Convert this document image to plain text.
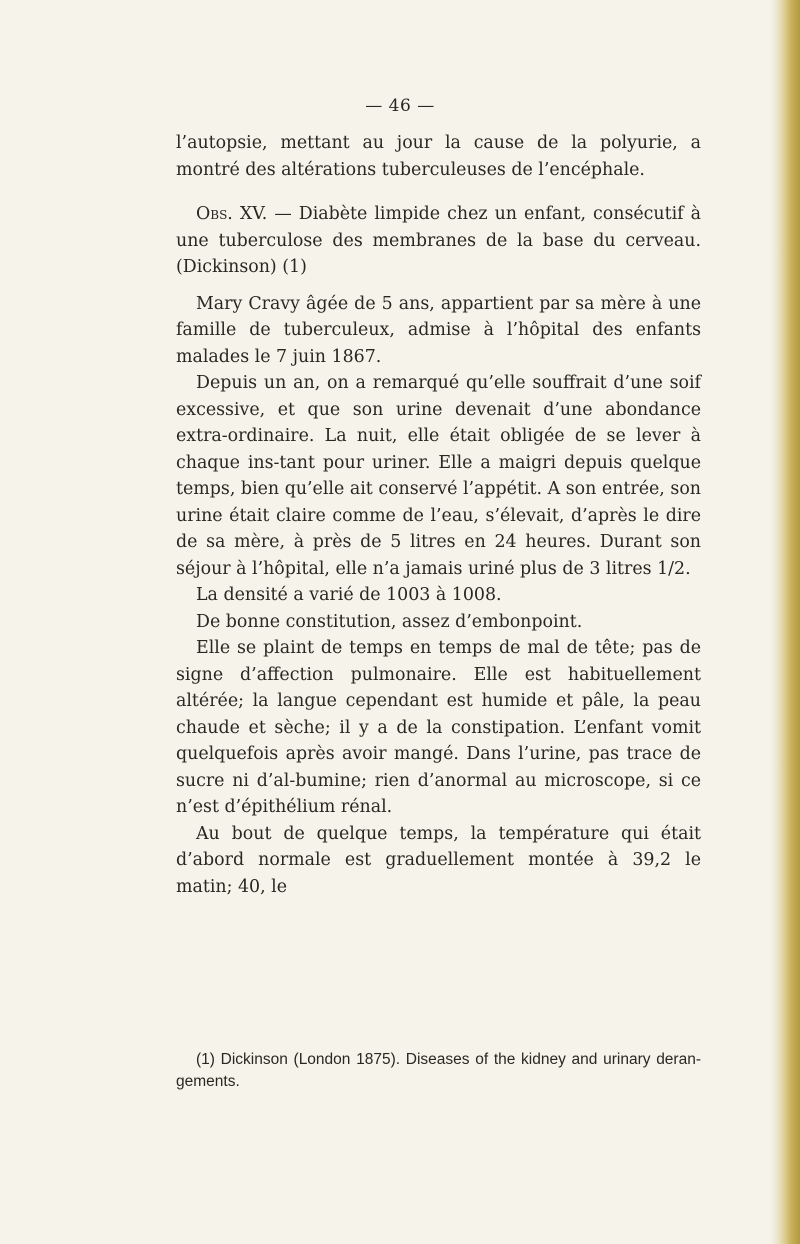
— 46 —

l’autopsie, mettant au jour la cause de la polyurie, a montré des altérations tuberculeuses de l’encéphale.

Obs. XV. — Diabète limpide chez un enfant, consécutif à une tuberculose des membranes de la base du cerveau. (Dickinson) (1)

Mary Cravy âgée de 5 ans, appartient par sa mère à une famille de tuberculeux, admise à l’hôpital des enfants malades le 7 juin 1867.

Depuis un an, on a remarqué qu’elle souffrait d’une soif excessive, et que son urine devenait d’une abondance extra-ordinaire. La nuit, elle était obligée de se lever à chaque ins-tant pour uriner. Elle a maigri depuis quelque temps, bien qu’elle ait conservé l’appétit. A son entrée, son urine était claire comme de l’eau, s’élevait, d’après le dire de sa mère, à près de 5 litres en 24 heures. Durant son séjour à l’hôpital, elle n’a jamais uriné plus de 3 litres 1/2.

La densité a varié de 1003 à 1008.

De bonne constitution, assez d’embonpoint.

Elle se plaint de temps en temps de mal de tête; pas de signe d’affection pulmonaire. Elle est habituellement altérée; la langue cependant est humide et pâle, la peau chaude et sèche; il y a de la constipation. L’enfant vomit quelquefois après avoir mangé. Dans l’urine, pas trace de sucre ni d’al-bumine; rien d’anormal au microscope, si ce n’est d’épithélium rénal.

Au bout de quelque temps, la température qui était d’abord normale est graduellement montée à 39,2 le matin; 40, le

(1) Dickinson (London 1875). Diseases of the kidney and urinary deran-gements.
